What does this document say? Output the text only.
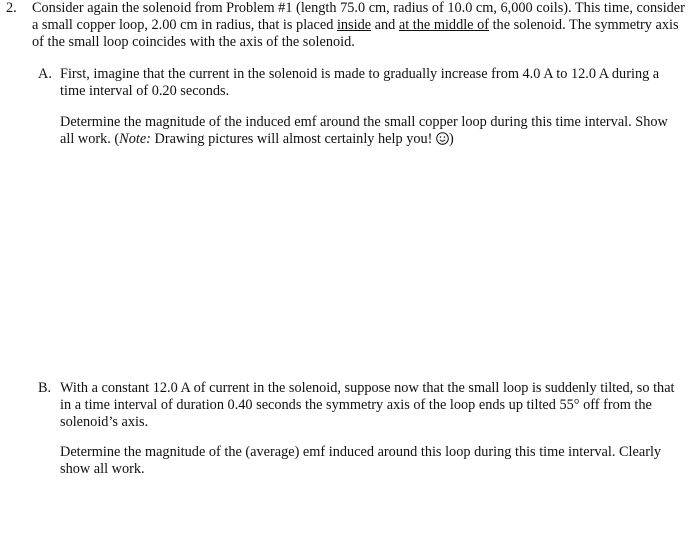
2. Consider again the solenoid from Problem #1 (length 75.0 cm, radius of 10.0 cm, 6,000 coils). This time, consider a small copper loop, 2.00 cm in radius, that is placed inside and at the middle of the solenoid. The symmetry axis of the small loop coincides with the axis of the solenoid.

A. First, imagine that the current in the solenoid is made to gradually increase from 4.0 A to 12.0 A during a time interval of 0.20 seconds.

Determine the magnitude of the induced emf around the small copper loop during this time interval. Show all work. (Note: Drawing pictures will almost certainly help you! )

B. With a constant 12.0 A of current in the solenoid, suppose now that the small loop is suddenly tilted, so that in a time interval of duration 0.40 seconds the symmetry axis of the loop ends up tilted 55° off from the solenoid’s axis.

Determine the magnitude of the (average) emf induced around this loop during this time interval. Clearly show all work.
